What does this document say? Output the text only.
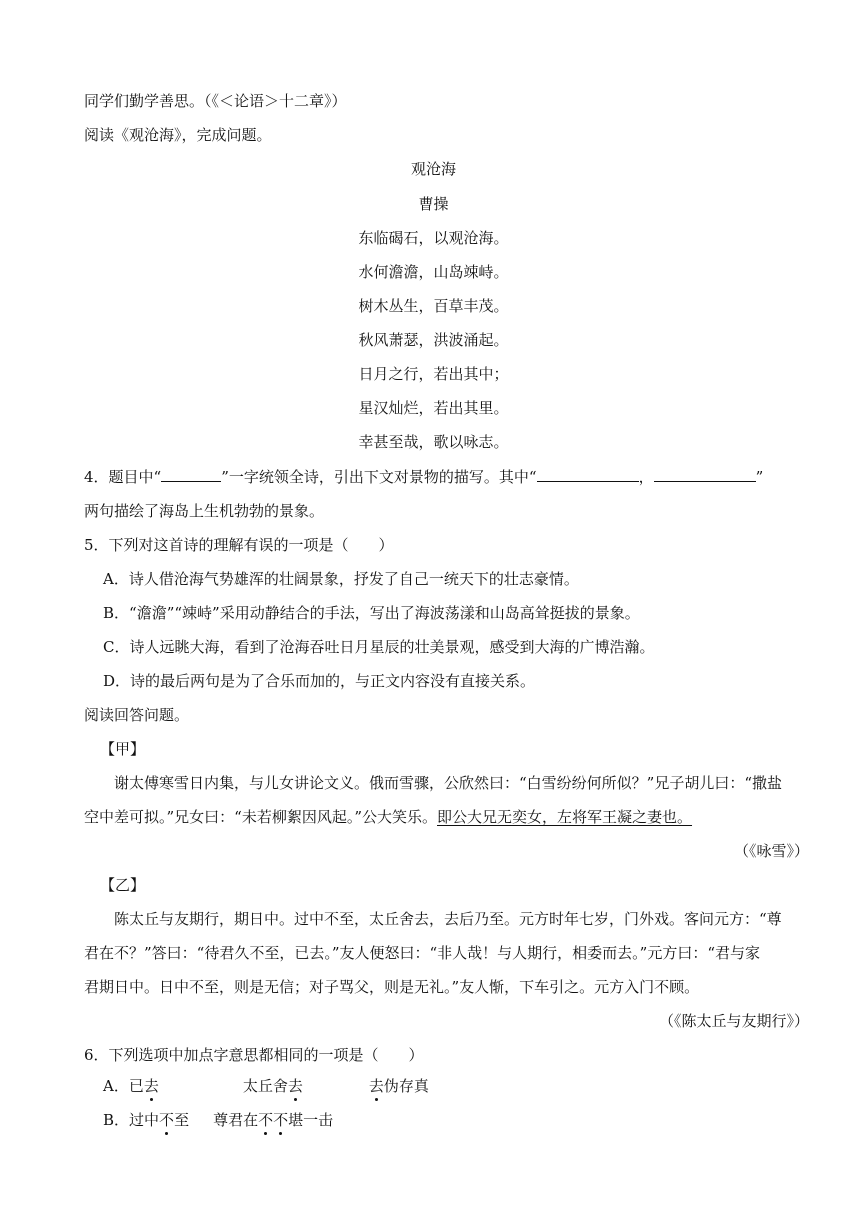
同学们勤学善思。（《＜论语＞十二章》）
阅读《观沧海》，完成问题。
观沧海
曹操
东临碣石，以观沧海。
水何澹澹，山岛竦峙。
树木丛生，百草丰茂。
秋风萧瑟，洪波涌起。
日月之行，若出其中；
星汉灿烂，若出其里。
幸甚至哉，歌以咏志。
4．题目中“	”一字统领全诗，引出下文对景物的描写。其中“	，	”
两句描绘了海岛上生机勃勃的景象。
5．下列对这首诗的理解有误的一项是（　　）
A．诗人借沧海气势雄浑的壮阔景象，抒发了自己一统天下的壮志豪情。
B．“澹澹”“竦峙”采用动静结合的手法，写出了海波荡漾和山岛高耸挺拔的景象。
C．诗人远眺大海，看到了沧海吞吐日月星辰的壮美景观，感受到大海的广博浩瀚。
D．诗的最后两句是为了合乐而加的，与正文内容没有直接关系。
阅读回答问题。
【甲】
谢太傅寒雪日内集，与儿女讲论文义。俄而雪骤，公欣然曰：“白雪纷纷何所似？”兄子胡儿曰：“撒盐
空中差可拟。”兄女曰：“未若柳絮因风起。”公大笑乐。即公大兄无奕女，左将军王凝之妻也。
（《咏雪》）
【乙】
陈太丘与友期行，期日中。过中不至，太丘舍去，去后乃至。元方时年七岁，门外戏。客问元方：“尊
君在不？”答曰：“待君久不至，已去。”友人便怒曰：“非人哉！与人期行，相委而去。”元方曰：“君与家
君期日中。日中不至，则是无信；对子骂父，则是无礼。”友人惭，下车引之。元方入门不顾。
（《陈太丘与友期行》）
6．下列选项中加点字意思都相同的一项是（　　）
A．已去	太丘舍去	去伪存真
B．过中不至 尊君在不不堪一击
